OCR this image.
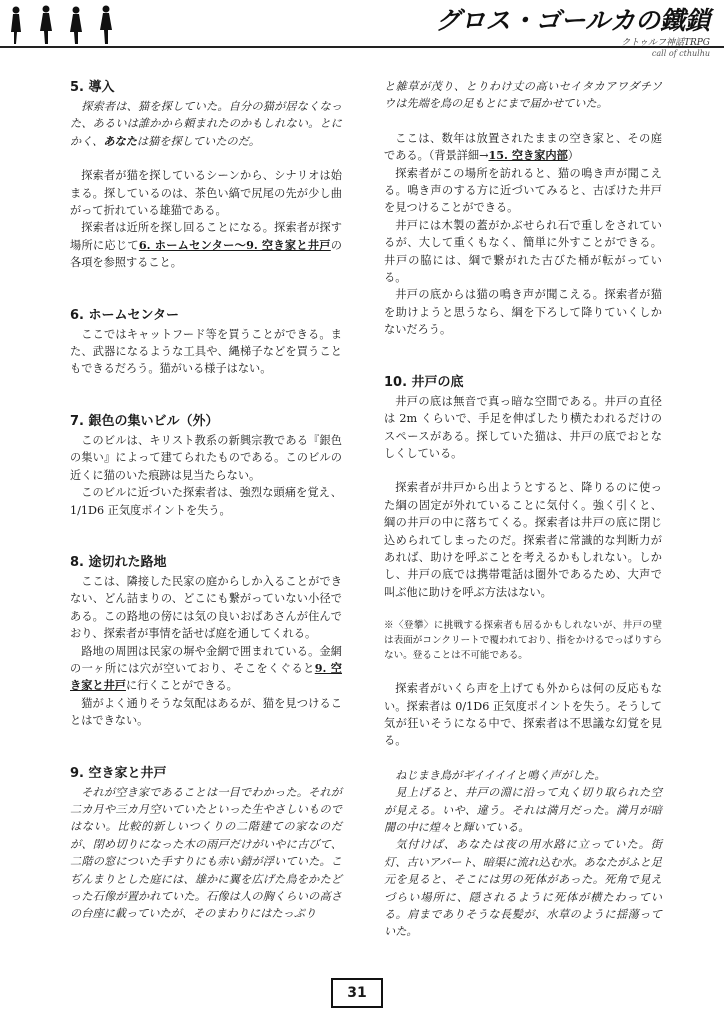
グロス・ゴールカの鐵鎖
クトゥルフ神話TRPG
call of cthulhu
5. 導入

探索者は、猫を探していた。自分の猫が居なくなった、あるいは誰かから頼まれたのかもしれない。とにかく、あなたは猫を探していたのだ。

探索者が猫を探しているシーンから、シナリオは始まる。探しているのは、茶色い縞で尻尾の先が少し曲がって折れている雄猫である。

探索者は近所を探し回ることになる。探索者が探す場所に応じて6. ホームセンター〜9. 空き家と井戸の各項を参照すること。

6. ホームセンター

ここではキャットフード等を買うことができる。また、武器になるような工具や、縄梯子などを買うこともできるだろう。猫がいる様子はない。

7. 銀色の集いビル（外）

このビルは、キリスト教系の新興宗教である『銀色の集い』によって建てられたものである。このビルの近くに猫のいた痕跡は見当たらない。

このビルに近づいた探索者は、強烈な頭痛を覚え、1/1D6 正気度ポイントを失う。

8. 途切れた路地

ここは、隣接した民家の庭からしか入ることができない、どん詰まりの、どこにも繋がっていない小径である。この路地の傍には気の良いおばあさんが住んでおり、探索者が事情を話せば庭を通してくれる。

路地の周囲は民家の塀や金網で囲まれている。金網の一ヶ所には穴が空いており、そこをくぐると9. 空き家と井戸に行くことができる。

猫がよく通りそうな気配はあるが、猫を見つけることはできない。

9. 空き家と井戸

それが空き家であることは一目でわかった。それが二カ月や三カ月空いていたといった生やさしいものではない。比較的新しいつくりの二階建ての家なのだが、閉め切りになった木の雨戸だけがいやに古びて、二階の窓についた手すりにも赤い錆が浮いていた。こぢんまりとした庭には、雄かに翼を広げた鳥をかたどった石像が置かれていた。石像は人の胸くらいの高さの台座に載っていたが、そのまわりにはたっぷり

と雑草が茂り、とりわけ丈の高いセイタカアワダチソウは先端を鳥の足もとにまで届かせていた。

ここは、数年は放置されたままの空き家と、その庭である。（背景詳細→15. 空き家内部）

探索者がこの場所を訪れると、猫の鳴き声が聞こえる。鳴き声のする方に近づいてみると、古ぼけた井戸を見つけることができる。

井戸には木製の蓋がかぶせられ石で重しをされているが、大して重くもなく、簡単に外すことができる。井戸の脇には、綱で繋がれた古びた桶が転がっている。

井戸の底からは猫の鳴き声が聞こえる。探索者が猫を助けようと思うなら、綱を下ろして降りていくしかないだろう。

10. 井戸の底

井戸の底は無音で真っ暗な空間である。井戸の直径は 2m くらいで、手足を伸ばしたり横たわれるだけのスペースがある。探していた猫は、井戸の底でおとなしくしている。

探索者が井戸から出ようとすると、降りるのに使った綱の固定が外れていることに気付く。強く引くと、綱の井戸の中に落ちてくる。探索者は井戸の底に閉じ込められてしまったのだ。探索者に常識的な判断力があれば、助けを呼ぶことを考えるかもしれない。しかし、井戸の底では携帯電話は圏外であるため、大声で叫ぶ他に助けを呼ぶ方法はない。

※〈登攀〉に挑戦する探索者も居るかもしれないが、井戸の壁は表面がコンクリートで覆われており、指をかけるでっぱりすらない。登ることは不可能である。

探索者がいくら声を上げても外からは何の反応もない。探索者は 0/1D6 正気度ポイントを失う。そうして気が狂いそうになる中で、探索者は不思議な幻覚を見る。

ねじまき鳥がギイイイイと鳴く声がした。

見上げると、井戸の淵に沿って丸く切り取られた空が見える。いや、違う。それは満月だった。満月が暗闇の中に煌々と輝いている。

気付けば、あなたは夜の用水路に立っていた。街灯、古いアパート、暗渠に流れ込む水。あなたがふと足元を見ると、そこには男の死体があった。死角で見えづらい場所に、隠されるように死体が横たわっている。肩までありそうな長髪が、水草のように揺蕩っていた。

31
